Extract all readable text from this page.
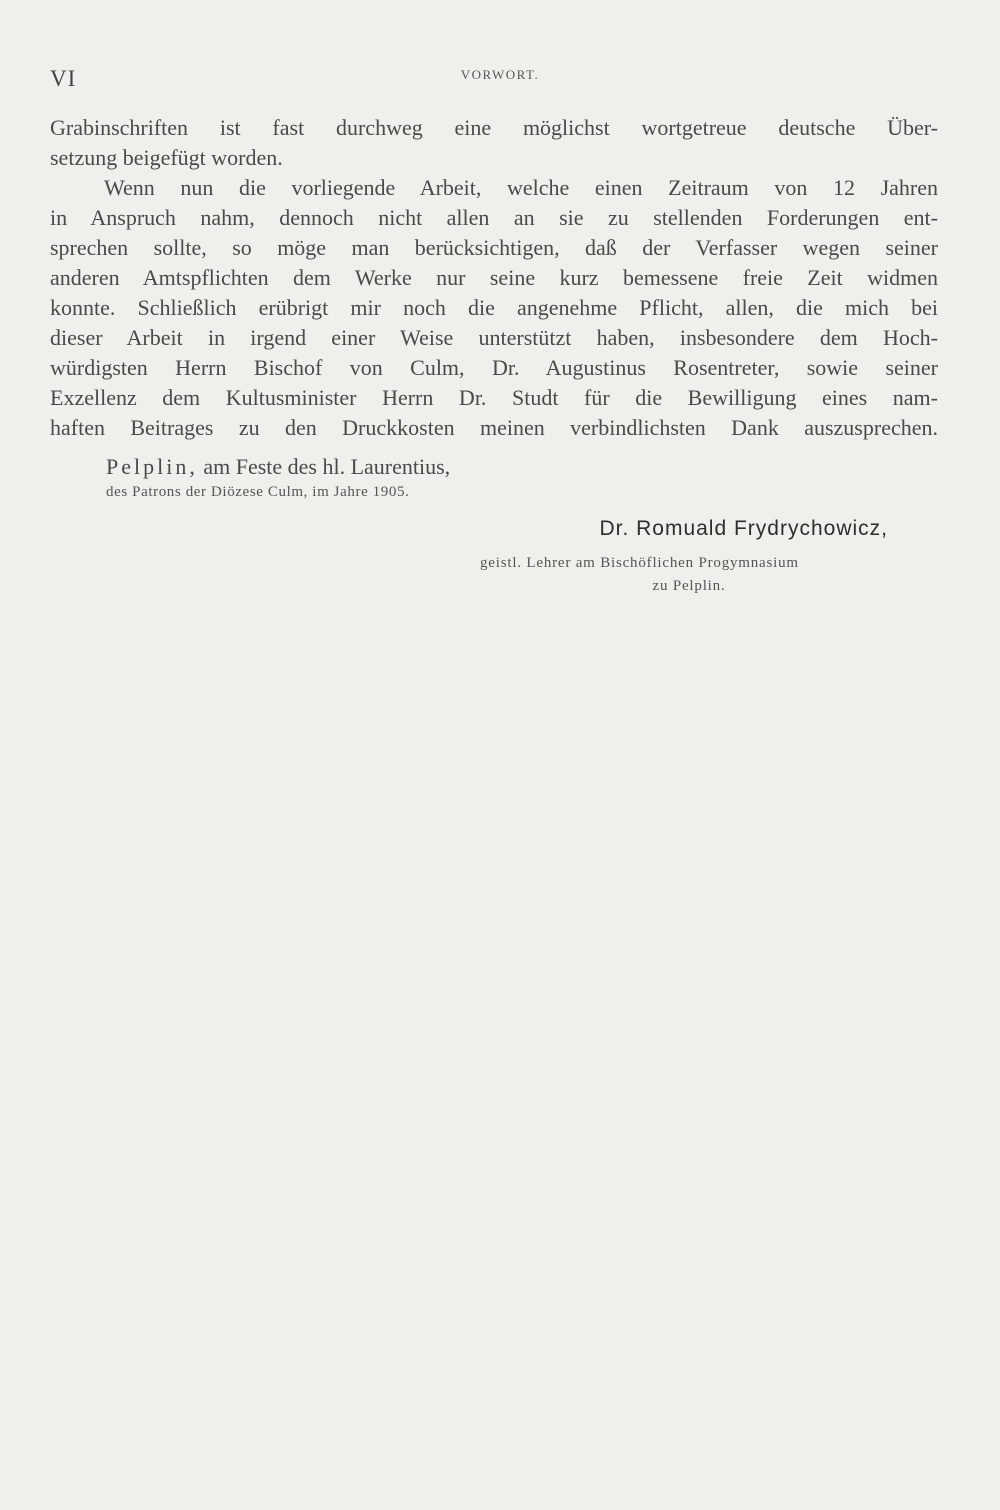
VI	VORWORT.
Grabinschriften ist fast durchweg eine möglichst wortgetreue deutsche Über-
setzung beigefügt worden.
Wenn nun die vorliegende Arbeit, welche einen Zeitraum von 12 Jahren
in Anspruch nahm, dennoch nicht allen an sie zu stellenden Forderungen ent-
sprechen sollte, so möge man berücksichtigen, daß der Verfasser wegen seiner
anderen Amtspflichten dem Werke nur seine kurz bemessene freie Zeit widmen
konnte. Schließlich erübrigt mir noch die angenehme Pflicht, allen, die mich bei
dieser Arbeit in irgend einer Weise unterstützt haben, insbesondere dem Hoch-
würdigsten Herrn Bischof von Culm, Dr. Augustinus Rosentreter, sowie seiner
Exzellenz dem Kultusminister Herrn Dr. Studt für die Bewilligung eines nam-
haften Beitrages zu den Druckkosten meinen verbindlichsten Dank auszusprechen.
Pelplin, am Feste des hl. Laurentius,
des Patrons der Diözese Culm, im Jahre 1905.
Dr. Romuald Frydrychowicz,
geistl. Lehrer am Bischöflichen Progymnasium
zu Pelplin.
